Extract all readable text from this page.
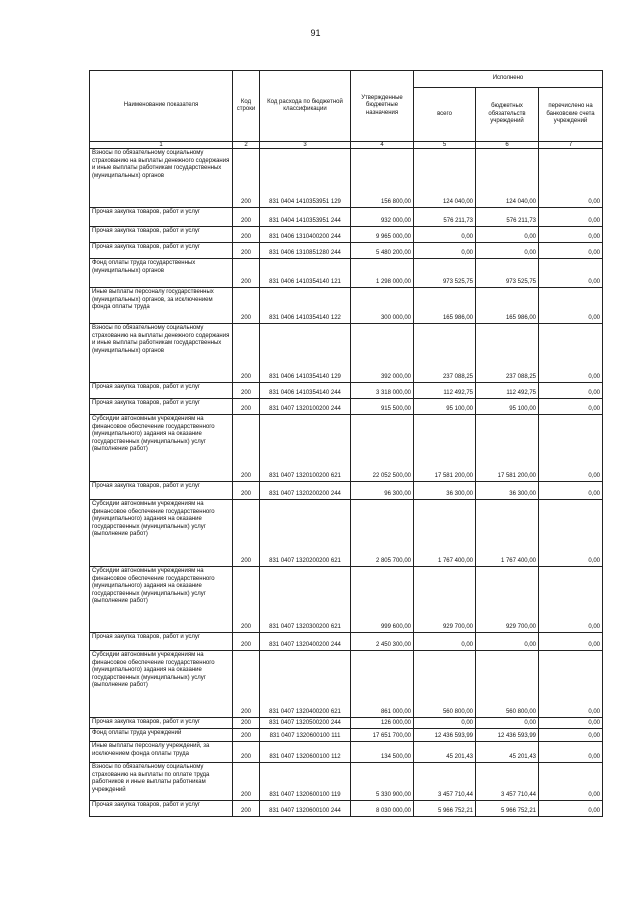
91
Наименование показателя	Код строки	Код расхода по бюджетной классификации	Утвержденные бюджетные назначения	Исполнено		
				всего	бюджетных обязательств учреждений	перечислено на банковские счета учреждений
1	2	3	4	5	6	7
Взносы по обязательному социальному страхованию на выплаты денежного содержания и иные выплаты работникам государственных (муниципальных) органов	200	831 0404 1410353951 129	156 800,00	124 040,00	124 040,00	0,00
Прочая закупка товаров, работ и услуг	200	831 0404 1410353951 244	932 000,00	576 211,73	576 211,73	0,00
Прочая закупка товаров, работ и услуг	200	831 0406 1310400200 244	9 965 000,00	0,00	0,00	0,00
Прочая закупка товаров, работ и услуг	200	831 0406 1310851280 244	5 480 200,00	0,00	0,00	0,00
Фонд оплаты труда государственных (муниципальных) органов	200	831 0406 1410354140 121	1 298 000,00	973 525,75	973 525,75	0,00
Иные выплаты персоналу государственных (муниципальных) органов, за исключением фонда оплаты труда	200	831 0406 1410354140 122	300 000,00	165 986,00	165 986,00	0,00
Взносы по обязательному социальному страхованию на выплаты денежного содержания и иные выплаты работникам государственных (муниципальных) органов	200	831 0406 1410354140 129	392 000,00	237 088,25	237 088,25	0,00
Прочая закупка товаров, работ и услуг	200	831 0406 1410354140 244	3 318 000,00	112 492,75	112 492,75	0,00
Прочая закупка товаров, работ и услуг	200	831 0407 1320100200 244	915 500,00	95 100,00	95 100,00	0,00
Субсидии автономным учреждениям на финансовое обеспечение государственного (муниципального) задания на оказание государственных (муниципальных) услуг (выполнение работ)	200	831 0407 1320100200 621	22 052 500,00	17 581 200,00	17 581 200,00	0,00
Прочая закупка товаров, работ и услуг	200	831 0407 1320200200 244	96 300,00	36 300,00	36 300,00	0,00
Субсидии автономным учреждениям на финансовое обеспечение государственного (муниципального) задания на оказание государственных (муниципальных) услуг (выполнение работ)	200	831 0407 1320200200 621	2 805 700,00	1 767 400,00	1 767 400,00	0,00
Субсидии автономным учреждениям на финансовое обеспечение государственного (муниципального) задания на оказание государственных (муниципальных) услуг (выполнение работ)	200	831 0407 1320300200 621	999 600,00	929 700,00	929 700,00	0,00
Прочая закупка товаров, работ и услуг	200	831 0407 1320400200 244	2 450 300,00	0,00	0,00	0,00
Субсидии автономным учреждениям на финансовое обеспечение государственного (муниципального) задания на оказание государственных (муниципальных) услуг (выполнение работ)	200	831 0407 1320400200 621	861 000,00	560 800,00	560 800,00	0,00
Прочая закупка товаров, работ и услуг	200	831 0407 1320500200 244	126 000,00	0,00	0,00	0,00
Фонд оплаты труда учреждений	200	831 0407 1320600100 111	17 651 700,00	12 436 593,99	12 436 593,99	0,00
Иные выплаты персоналу учреждений, за исключением фонда оплаты труда	200	831 0407 1320600100 112	134 500,00	45 201,43	45 201,43	0,00
Взносы по обязательному социальному страхованию на выплаты по оплате труда работников и иные выплаты работникам учреждений	200	831 0407 1320600100 119	5 330 900,00	3 457 710,44	3 457 710,44	0,00
Прочая закупка товаров, работ и услуг	200	831 0407 1320600100 244	8 030 000,00	5 966 752,21	5 966 752,21	0,00
